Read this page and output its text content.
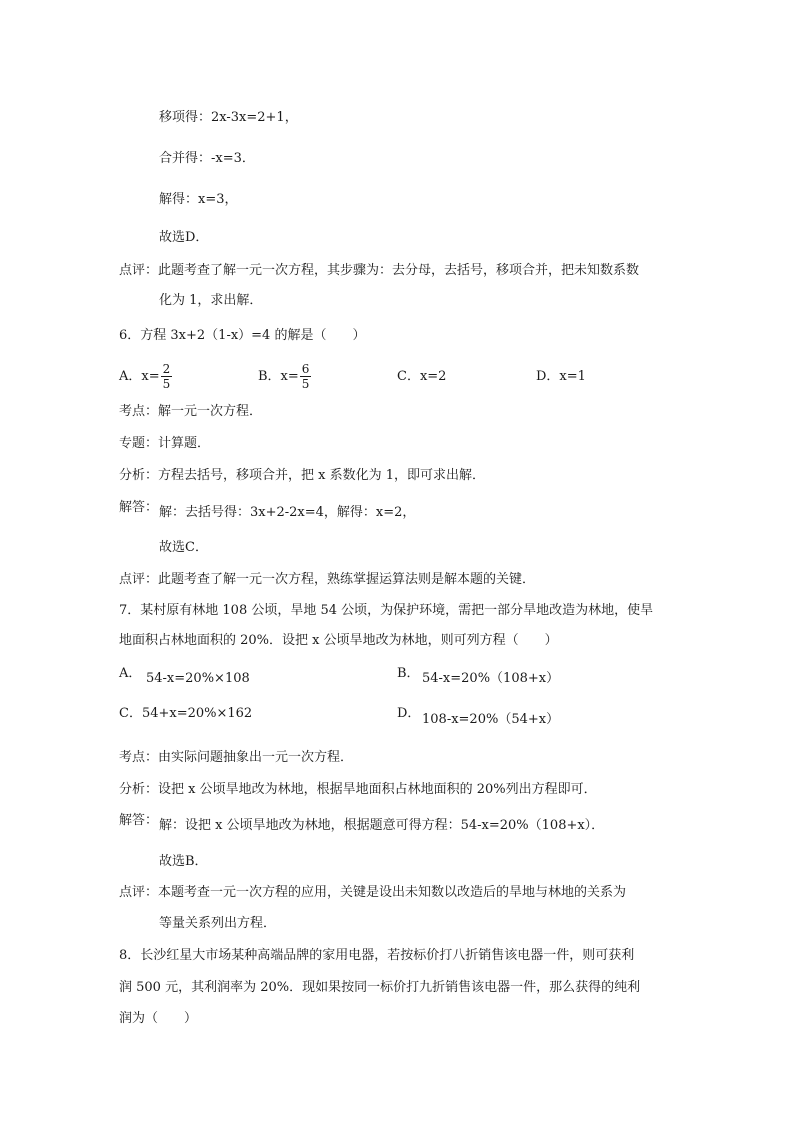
移项得：2x-3x=2+1，
合并得：-x=3．
解得：x=3，
故选D．
点评：此题考查了解一元一次方程，其步骤为：去分母，去括号，移项合并，把未知数系数
化为 1，求出解．
6．方程 3x+2（1-x）=4 的解是（　　）
A．$x= \frac{2}{5}$	B．$x= \frac{6}{5}$	C．x=2	D．x=1
考点：解一元一次方程．
专题：计算题．
分析：方程去括号，移项合并，把 x 系数化为 1，即可求出解．
解答： 解：去括号得：3x+2-2x=4，解得：x=2，
故选C．
点评：此题考查了解一元一次方程，熟练掌握运算法则是解本题的关键．
7．某村原有林地 108 公顷，旱地 54 公顷，为保护环境，需把一部分旱地改造为林地，使旱
地面积占林地面积的 20%．设把 x 公顷旱地改为林地，则可列方程（　　）
A． 54-x=20%×108	B． 54-x=20%（108+x）
C．54+x=20%×162	D． 108-x=20%（54+x）
考点：由实际问题抽象出一元一次方程．
分析：设把 x 公顷旱地改为林地，根据旱地面积占林地面积的 20%列出方程即可．
解答： 解：设把 x 公顷旱地改为林地，根据题意可得方程：54-x=20%（108+x）．
故选B．
点评：本题考查一元一次方程的应用，关键是设出未知数以改造后的旱地与林地的关系为
等量关系列出方程．
8．长沙红星大市场某种高端品牌的家用电器，若按标价打八折销售该电器一件，则可获利
润 500 元，其利润率为 20%．现如果按同一标价打九折销售该电器一件，那么获得的纯利
润为（　　）
